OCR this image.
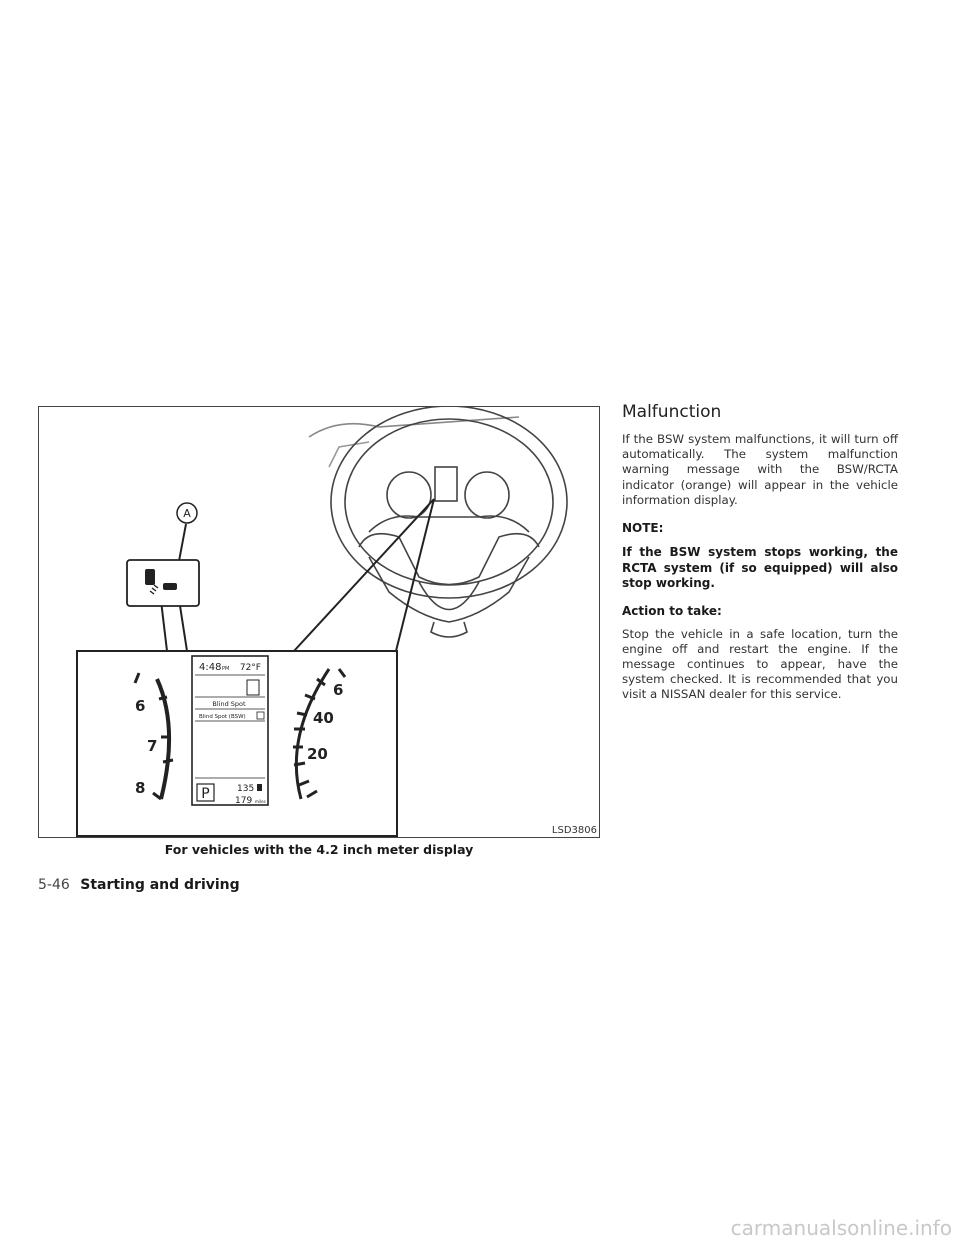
A
6
7
8
6
40
20
4:48 PM 72°F
Blind Spot
Blind Spot (BSW)
P	135
179 miles
LSD3806
For vehicles with the 4.2 inch meter display
Malfunction

If the BSW system malfunctions, it will turn off automatically. The system malfunction warning message with the BSW/RCTA indicator (orange) will appear in the vehicle information display.

NOTE:

If the BSW system stops working, the RCTA system (if so equipped) will also stop working.

Action to take:

Stop the vehicle in a safe location, turn the engine off and restart the engine. If the message continues to appear, have the system checked. It is recommended that you visit a NISSAN dealer for this service.

5-46 Starting and driving
carmanualsonline.info
